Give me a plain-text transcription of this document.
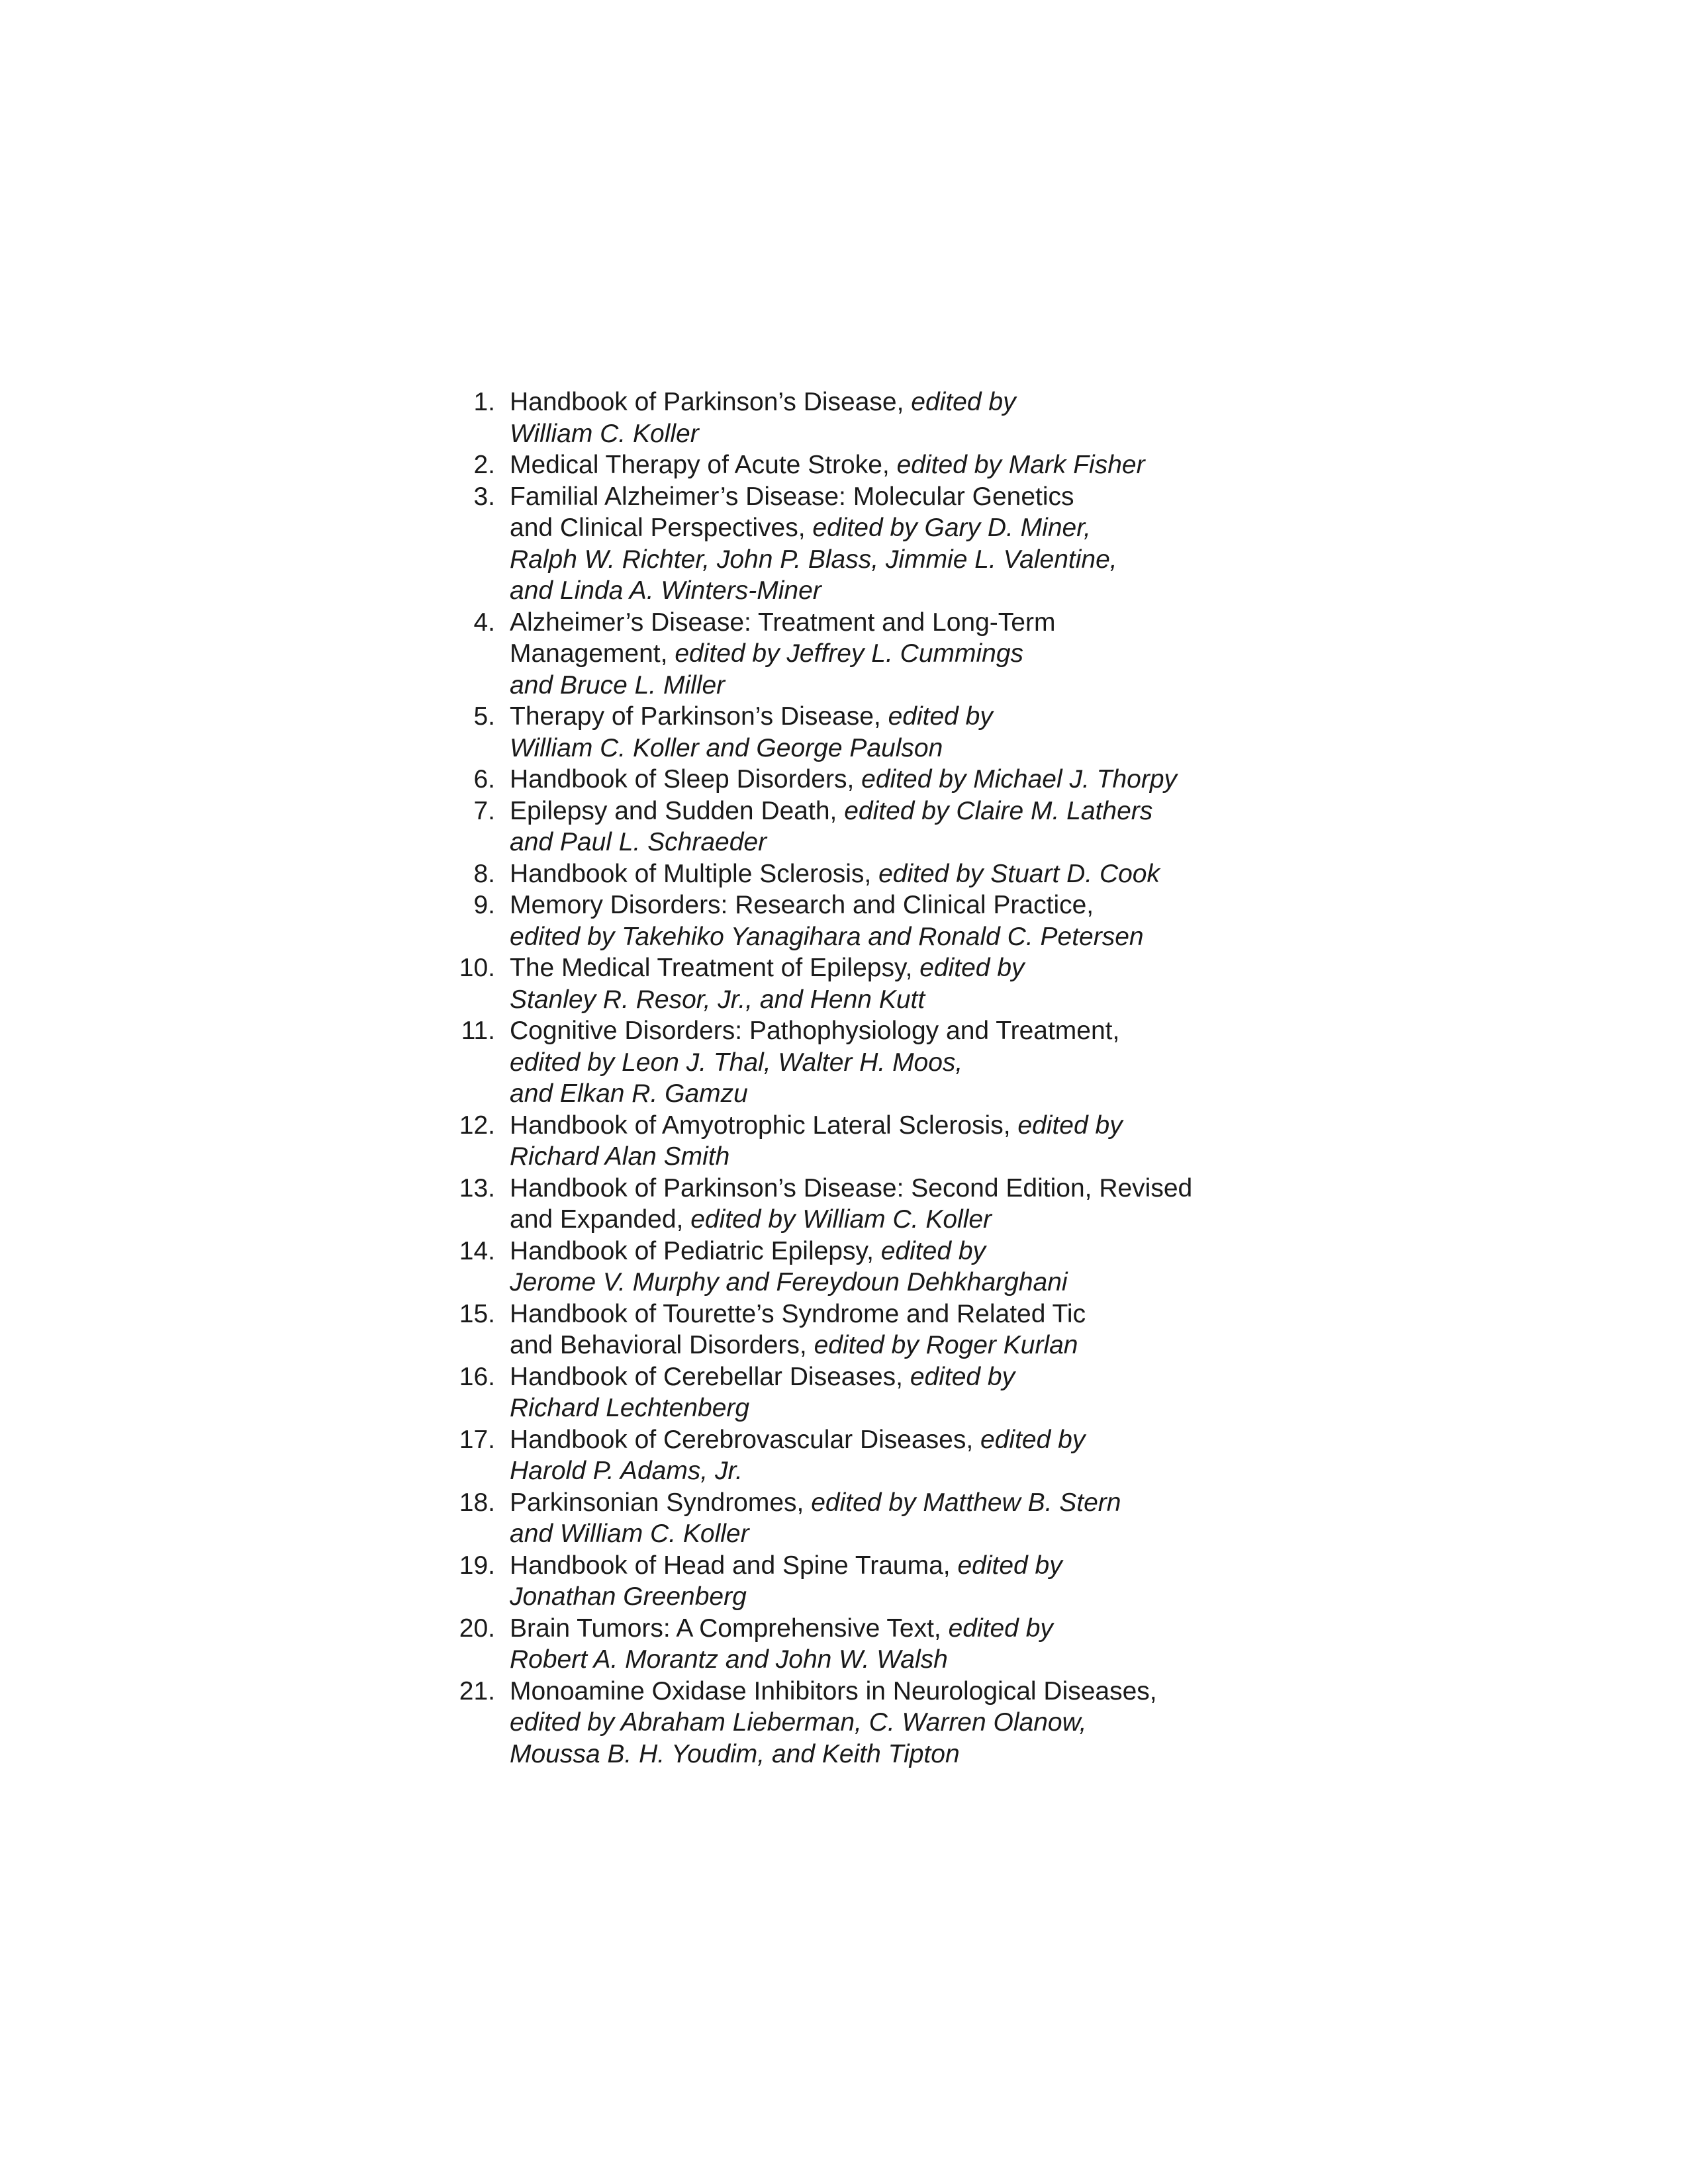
1. Handbook of Parkinson’s Disease, edited by
William C. Koller
2. Medical Therapy of Acute Stroke, edited by Mark Fisher
3. Familial Alzheimer’s Disease: Molecular Genetics
and Clinical Perspectives, edited by Gary D. Miner,
Ralph W. Richter, John P. Blass, Jimmie L. Valentine,
and Linda A. Winters-Miner
4. Alzheimer’s Disease: Treatment and Long-Term
Management, edited by Jeffrey L. Cummings
and Bruce L. Miller
5. Therapy of Parkinson’s Disease, edited by
William C. Koller and George Paulson
6. Handbook of Sleep Disorders, edited by Michael J. Thorpy
7. Epilepsy and Sudden Death, edited by Claire M. Lathers
and Paul L. Schraeder
8. Handbook of Multiple Sclerosis, edited by Stuart D. Cook
9. Memory Disorders: Research and Clinical Practice,
edited by Takehiko Yanagihara and Ronald C. Petersen
10. The Medical Treatment of Epilepsy, edited by
Stanley R. Resor, Jr., and Henn Kutt
11. Cognitive Disorders: Pathophysiology and Treatment,
edited by Leon J. Thal, Walter H. Moos,
and Elkan R. Gamzu
12. Handbook of Amyotrophic Lateral Sclerosis, edited by
Richard Alan Smith
13. Handbook of Parkinson’s Disease: Second Edition, Revised
and Expanded, edited by William C. Koller
14. Handbook of Pediatric Epilepsy, edited by
Jerome V. Murphy and Fereydoun Dehkharghani
15. Handbook of Tourette’s Syndrome and Related Tic
and Behavioral Disorders, edited by Roger Kurlan
16. Handbook of Cerebellar Diseases, edited by
Richard Lechtenberg
17. Handbook of Cerebrovascular Diseases, edited by
Harold P. Adams, Jr.
18. Parkinsonian Syndromes, edited by Matthew B. Stern
and William C. Koller
19. Handbook of Head and Spine Trauma, edited by
Jonathan Greenberg
20. Brain Tumors: A Comprehensive Text, edited by
Robert A. Morantz and John W. Walsh
21. Monoamine Oxidase Inhibitors in Neurological Diseases,
edited by Abraham Lieberman, C. Warren Olanow,
Moussa B. H. Youdim, and Keith Tipton
